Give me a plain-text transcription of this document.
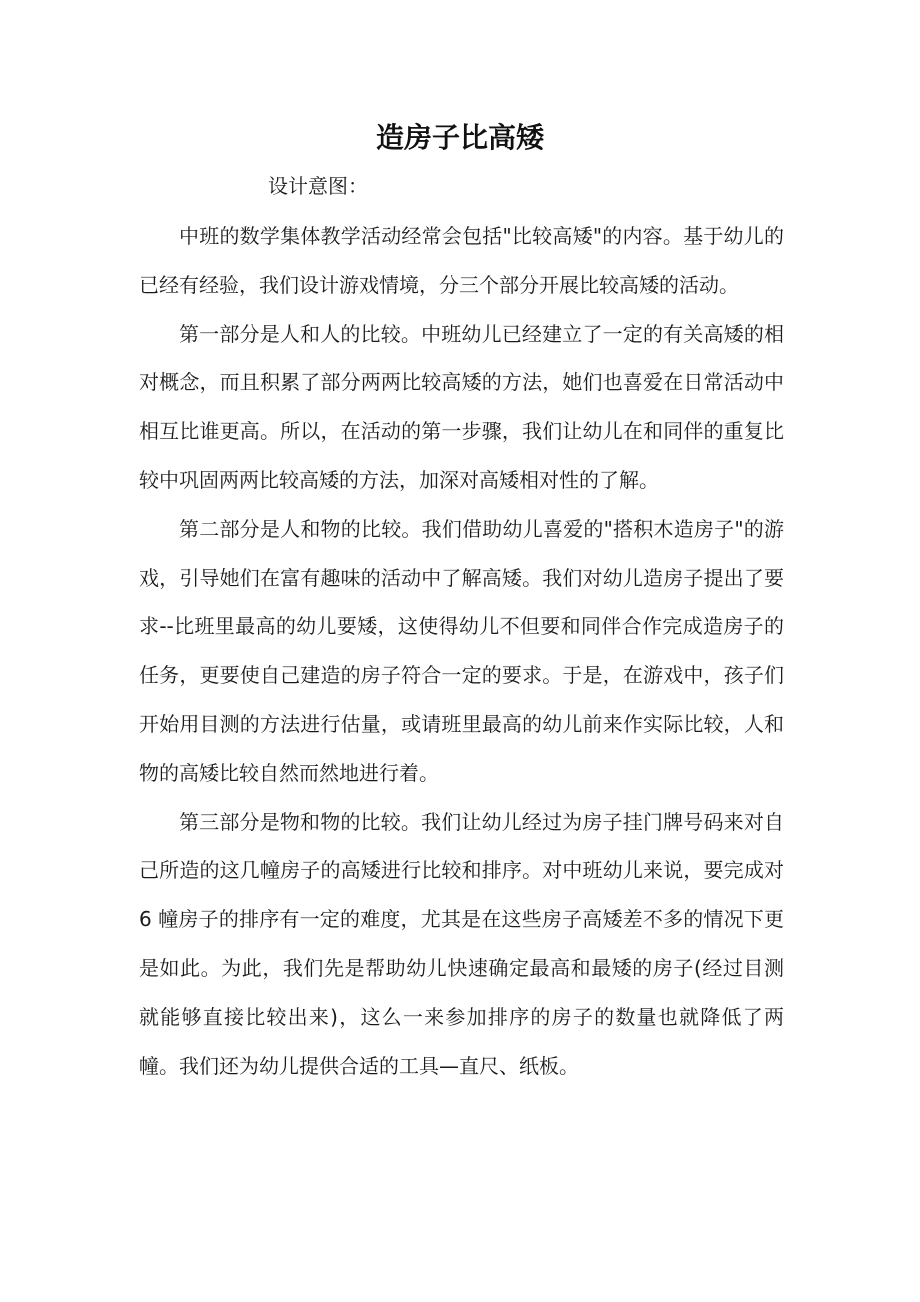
造房子比高矮
设计意图：

中班的数学集体教学活动经常会包括"比较高矮"的内容。基于幼儿的已经有经验，我们设计游戏情境，分三个部分开展比较高矮的活动。

第一部分是人和人的比较。中班幼儿已经建立了一定的有关高矮的相对概念，而且积累了部分两两比较高矮的方法，她们也喜爱在日常活动中相互比谁更高。所以，在活动的第一步骤，我们让幼儿在和同伴的重复比较中巩固两两比较高矮的方法，加深对高矮相对性的了解。

第二部分是人和物的比较。我们借助幼儿喜爱的"搭积木造房子"的游戏，引导她们在富有趣味的活动中了解高矮。我们对幼儿造房子提出了要求--比班里最高的幼儿要矮，这使得幼儿不但要和同伴合作完成造房子的任务，更要使自己建造的房子符合一定的要求。于是，在游戏中，孩子们开始用目测的方法进行估量，或请班里最高的幼儿前来作实际比较，人和物的高矮比较自然而然地进行着。

第三部分是物和物的比较。我们让幼儿经过为房子挂门牌号码来对自己所造的这几幢房子的高矮进行比较和排序。对中班幼儿来说，要完成对 6 幢房子的排序有一定的难度，尤其是在这些房子高矮差不多的情况下更是如此。为此，我们先是帮助幼儿快速确定最高和最矮的房子(经过目测就能够直接比较出来)，这么一来参加排序的房子的数量也就降低了两幢。我们还为幼儿提供合适的工具—直尺、纸板。
